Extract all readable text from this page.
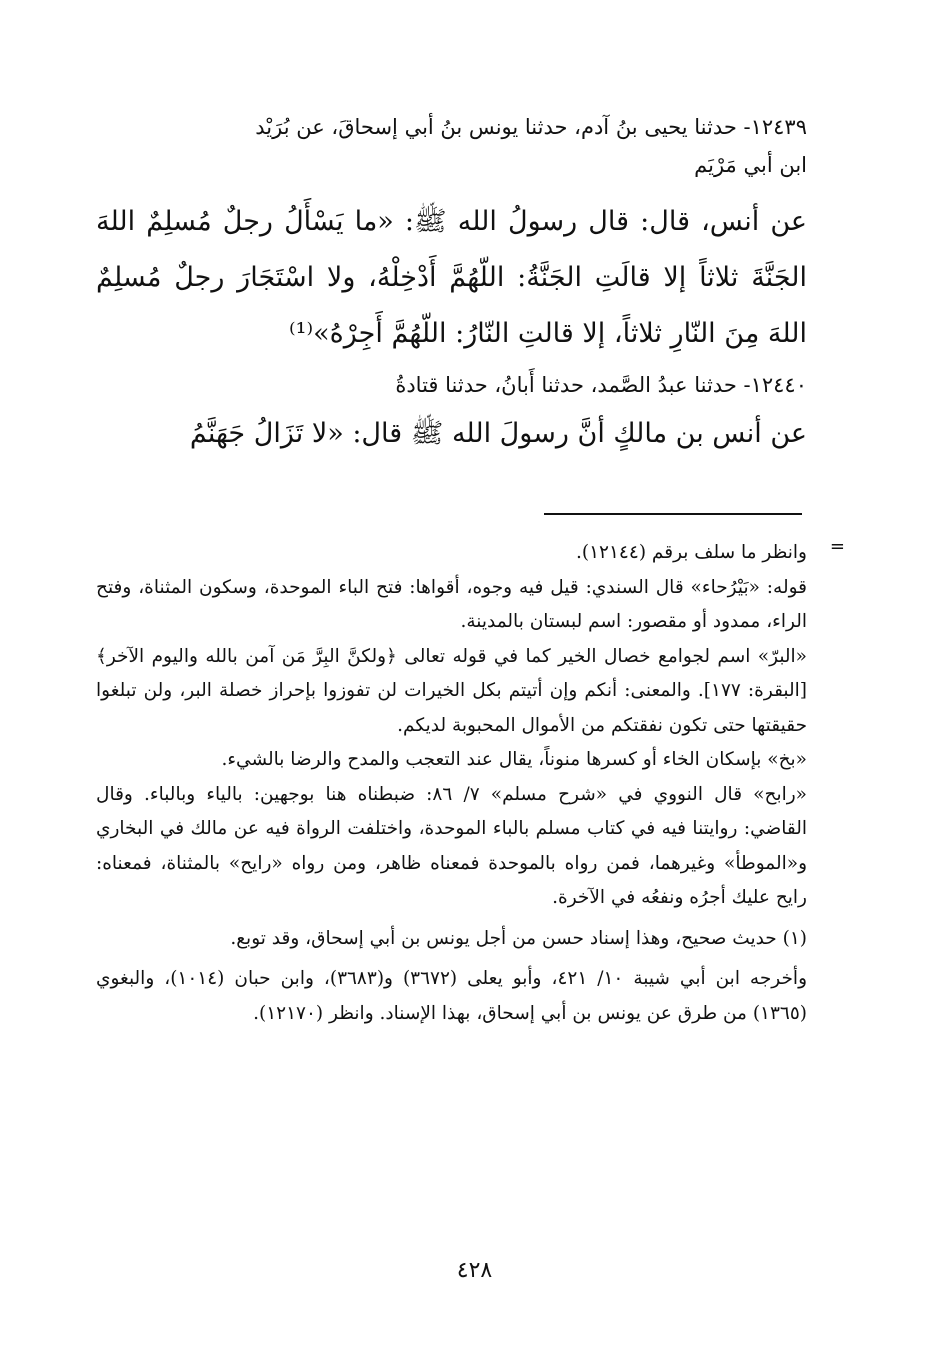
١٢٤٣٩- حدثنا يحيى بنُ آدم، حدثنا يونس بنُ أبي إسحاقَ، عن بُرَيْد

ابن أبي مَرْيَم

عن أنس، قال: قال رسولُ الله ﷺ: «ما يَسْأَلُ رجلٌ مُسلِمٌ اللهَ الجَنَّةَ ثلاثاً إلا قالَتِ الجَنَّةُ: اللّهُمَّ أَدْخِلْهُ، ولا اسْتَجَارَ رجلٌ مُسلِمٌ اللهَ مِنَ النّارِ ثلاثاً، إلا قالتِ النّارُ: اللّهُمَّ أَجِرْهُ»⁽¹⁾

١٢٤٤٠- حدثنا عبدُ الصَّمد، حدثنا أَبانُ، حدثنا قتادةُ

عن أنس بن مالكٍ أنَّ رسولَ الله ﷺ قال: «لا تَزَالُ جَهَنَّمُ

=

وانظر ما سلف برقم (١٢١٤٤).

قوله: «بَيْرُحاء» قال السندي: قيل فيه وجوه، أقواها: فتح الباء الموحدة، وسكون المثناة، وفتح الراء، ممدود أو مقصور: اسم لبستان بالمدينة.

«البرّ» اسم لجوامع خصال الخير كما في قوله تعالى ﴿ولكنَّ البِرَّ مَن آمن بالله واليوم الآخر﴾ [البقرة: ١٧٧]. والمعنى: أنكم وإن أتيتم بكل الخيرات لن تفوزوا بإحراز خصلة البر، ولن تبلغوا حقيقتها حتى تكون نفقتكم من الأموال المحبوبة لديكم.

«بخ» بإسكان الخاء أو كسرها منوناً، يقال عند التعجب والمدح والرضا بالشيء.

«رابح» قال النووي في «شرح مسلم» ٧/ ٨٦: ضبطناه هنا بوجهين: بالياء وبالباء. وقال القاضي: روايتنا فيه في كتاب مسلم بالباء الموحدة، واختلفت الرواة فيه عن مالك في البخاري و«الموطأ» وغيرهما، فمن رواه بالموحدة فمعناه ظاهر، ومن رواه «رايح» بالمثناة، فمعناه: رايح عليك أجرُه ونفعُه في الآخرة.

(١) حديث صحيح، وهذا إسناد حسن من أجل يونس بن أبي إسحاق، وقد توبع.

وأخرجه ابن أبي شيبة ١٠/ ٤٢١، وأبو يعلى (٣٦٧٢) و(٣٦٨٣)، وابن حبان (١٠١٤)، والبغوي (١٣٦٥) من طرق عن يونس بن أبي إسحاق، بهذا الإسناد. وانظر (١٢١٧٠).

٤٢٨
